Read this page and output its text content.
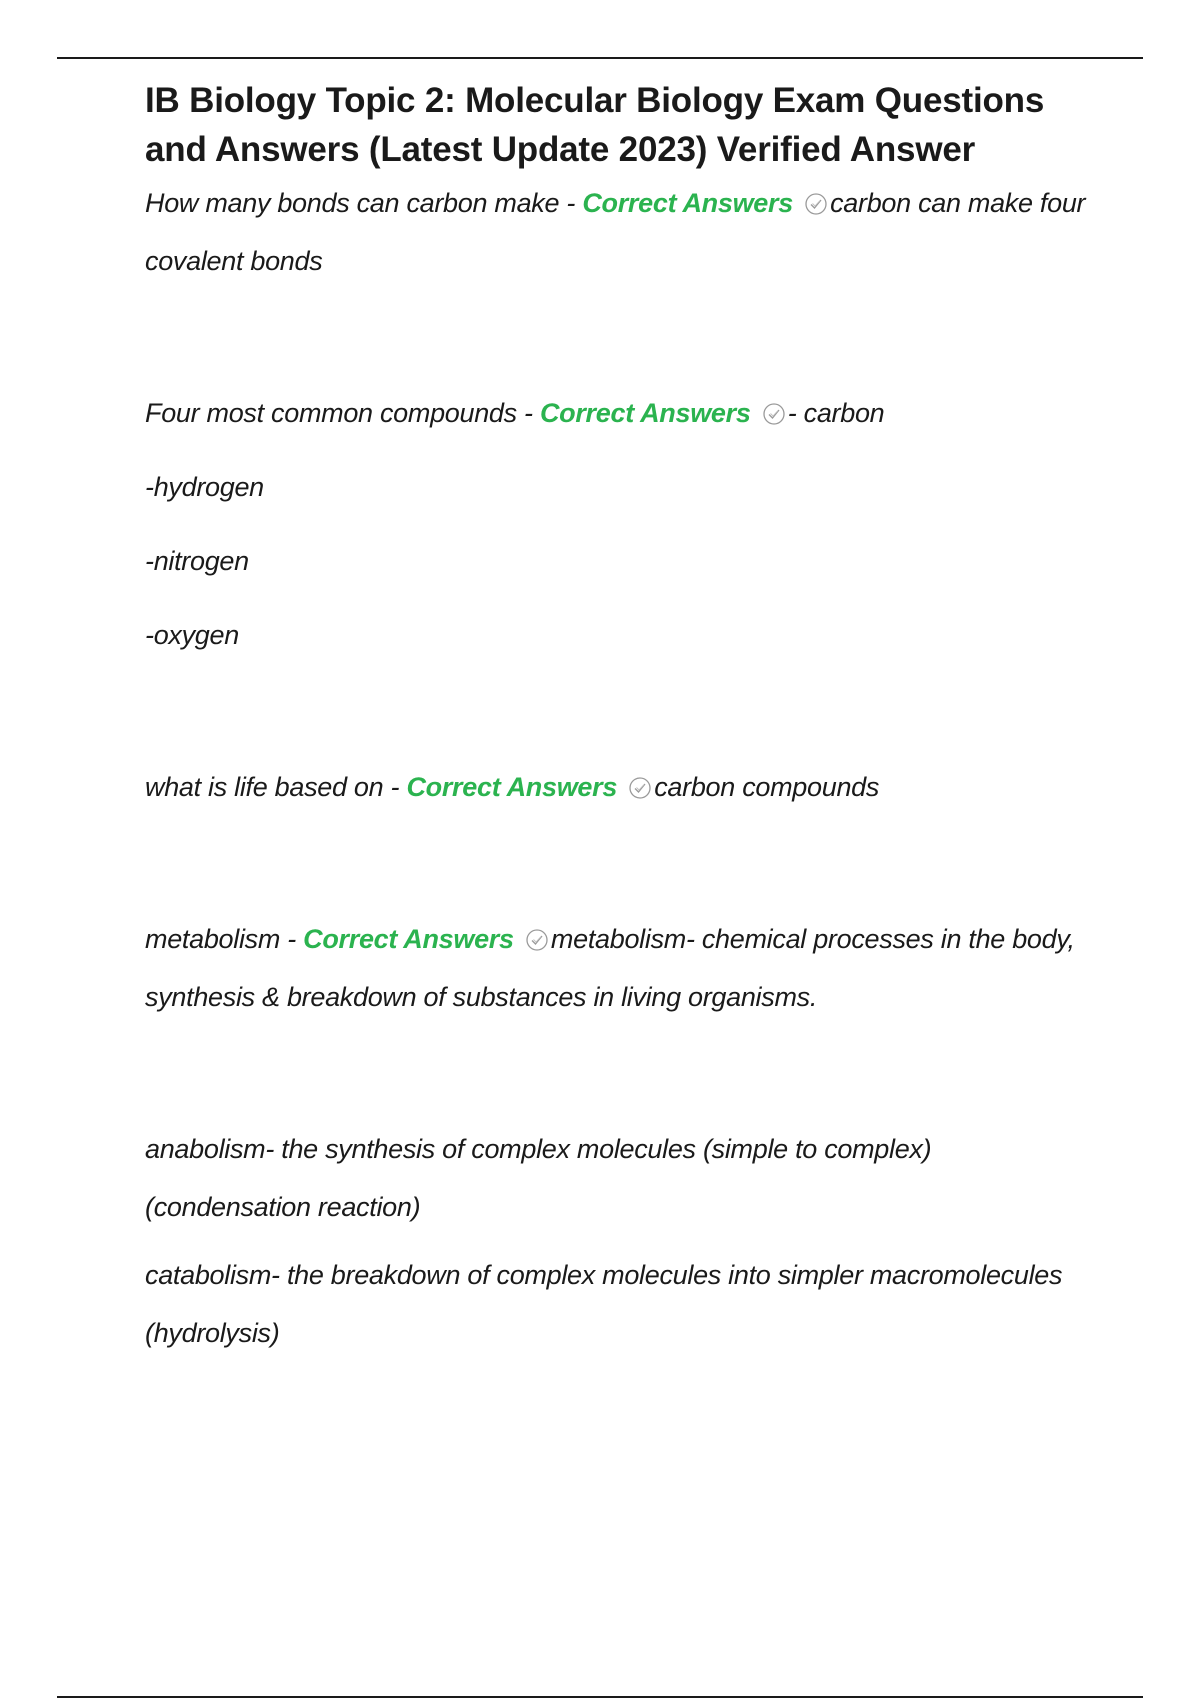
IB Biology Topic 2: Molecular Biology Exam Questions and Answers (Latest Update 2023) Verified Answer

How many bonds can carbon make - Correct Answers carbon can make four covalent bonds

Four most common compounds - Correct Answers - carbon

-hydrogen

-nitrogen

-oxygen

what is life based on - Correct Answers carbon compounds

metabolism - Correct Answers metabolism- chemical processes in the body, synthesis & breakdown of substances in living organisms.

anabolism- the synthesis of complex molecules (simple to complex) (condensation reaction)

catabolism- the breakdown of complex molecules into simpler macromolecules (hydrolysis)
